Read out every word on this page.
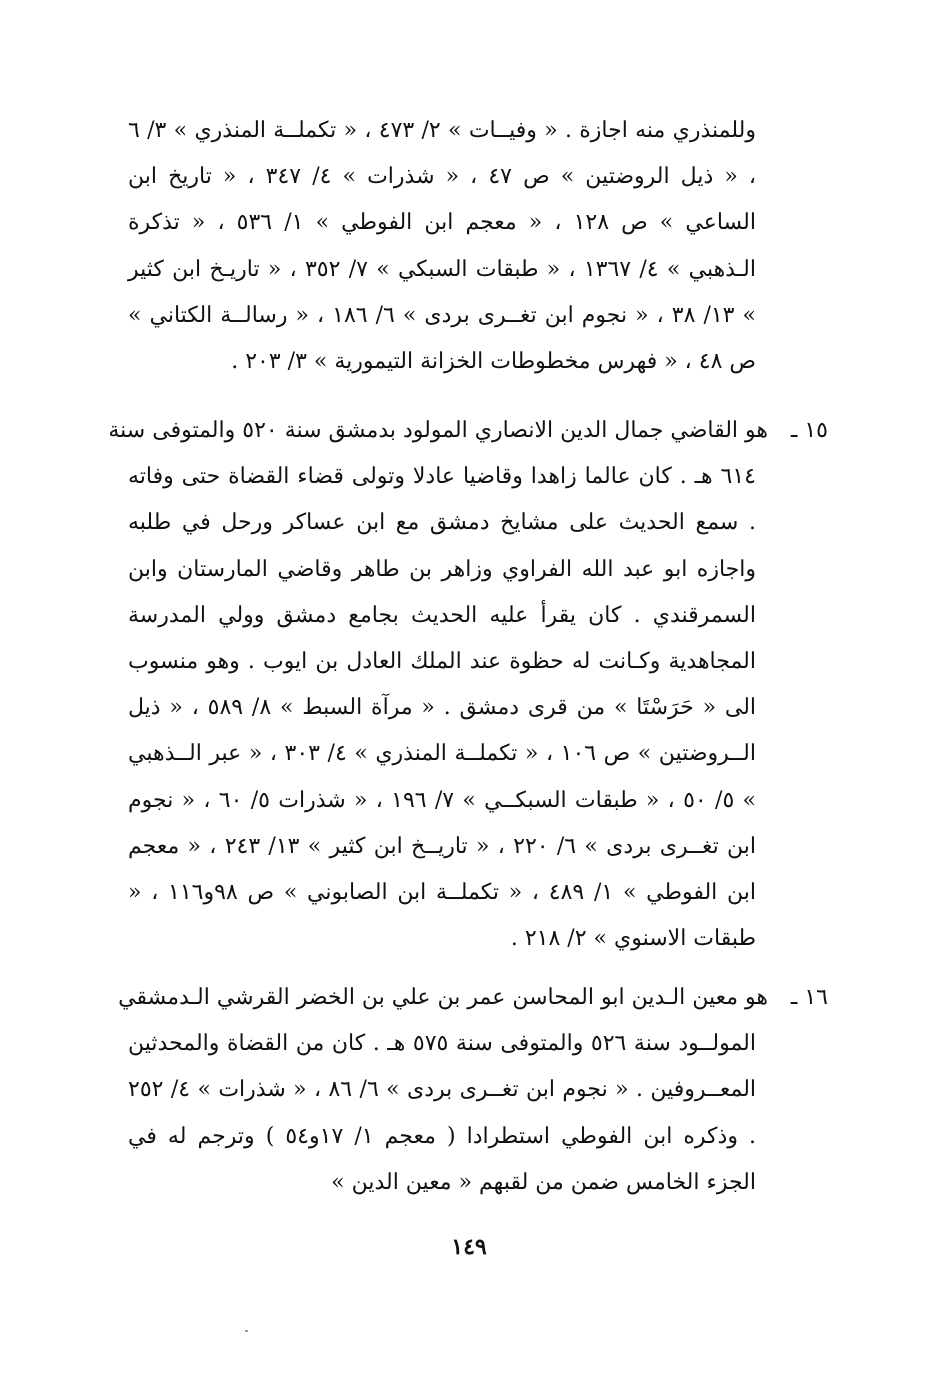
وللمنذري منه اجازة . « وفيــات » ٢/ ٤٧٣ ، « تكملــة المنذري » ٣/ ٦ ، « ذيل الروضتين » ص ٤٧ ، « شذرات » ٤/ ٣٤٧ ، « تاريخ ابن الساعي » ص ١٢٨ ، « معجم ابن الفوطي » ١/ ٥٣٦ ، « تذكرة الـذهبي » ٤/ ١٣٦٧ ، « طبقات السبكي » ٧/ ٣٥٢ ، « تاريـخ ابن كثير » ١٣/ ٣٨ ، « نجوم ابن تغــرى بردى » ٦/ ١٨٦ ، « رسالــة الكتاني » ص ٤٨ ، « فهرس مخطوطات الخزانة التيمورية » ٣/ ٢٠٣ .
١٥ ـ
هو القاضي جمال الدين الانصاري المولود بدمشق سنة ٥٢٠ والمتوفى سنة
٦١٤ هـ . كان عالما زاهدا وقاضيا عادلا وتولى قضاء القضاة حتى وفاته . سمع الحديث على مشايخ دمشق مع ابن عساكر ورحل في طلبه واجازه ابو عبد الله الفراوي وزاهر بن طاهر وقاضي المارستان وابن السمرقندي . كان يقرأ عليه الحديث بجامع دمشق وولي المدرسة المجاهدية وكـانت له حظوة عند الملك العادل بن ايوب . وهو منسوب الى « حَرَسْتَا » من قرى دمشق . « مرآة السبط » ٨/ ٥٨٩ ، « ذيل الــروضتين » ص ١٠٦ ، « تكملــة المنذري » ٤/ ٣٠٣ ، « عبر الــذهبي » ٥/ ٥٠ ، « طبقات السبكــي » ٧/ ١٩٦ ، « شذرات ٥/ ٦٠ ، « نجوم ابن تغــرى بردى » ٦/ ٢٢٠ ، « تاريــخ ابن كثير » ١٣/ ٢٤٣ ، « معجم ابن الفوطي » ١/ ٤٨٩ ، « تكملــة ابن الصابوني » ص ٩٨و١١٦ ، « طبقات الاسنوي » ٢/ ٢١٨ .
١٦ ـ
هو معين الـدين ابو المحاسن عمر بن علي بن الخضر القرشي الـدمشقي
المولــود سنة ٥٢٦ والمتوفى سنة ٥٧٥ هـ . كان من القضاة والمحدثين المعــروفين . « نجوم ابن تغــرى بردى » ٦/ ٨٦ ، « شذرات » ٤/ ٢٥٢ . وذكره ابن الفوطي استطرادا ( معجم ١/ ١٧و٥٤ ) وترجم له في الجزء الخامس ضمن من لقبهم « معين الدين »
١٤٩
